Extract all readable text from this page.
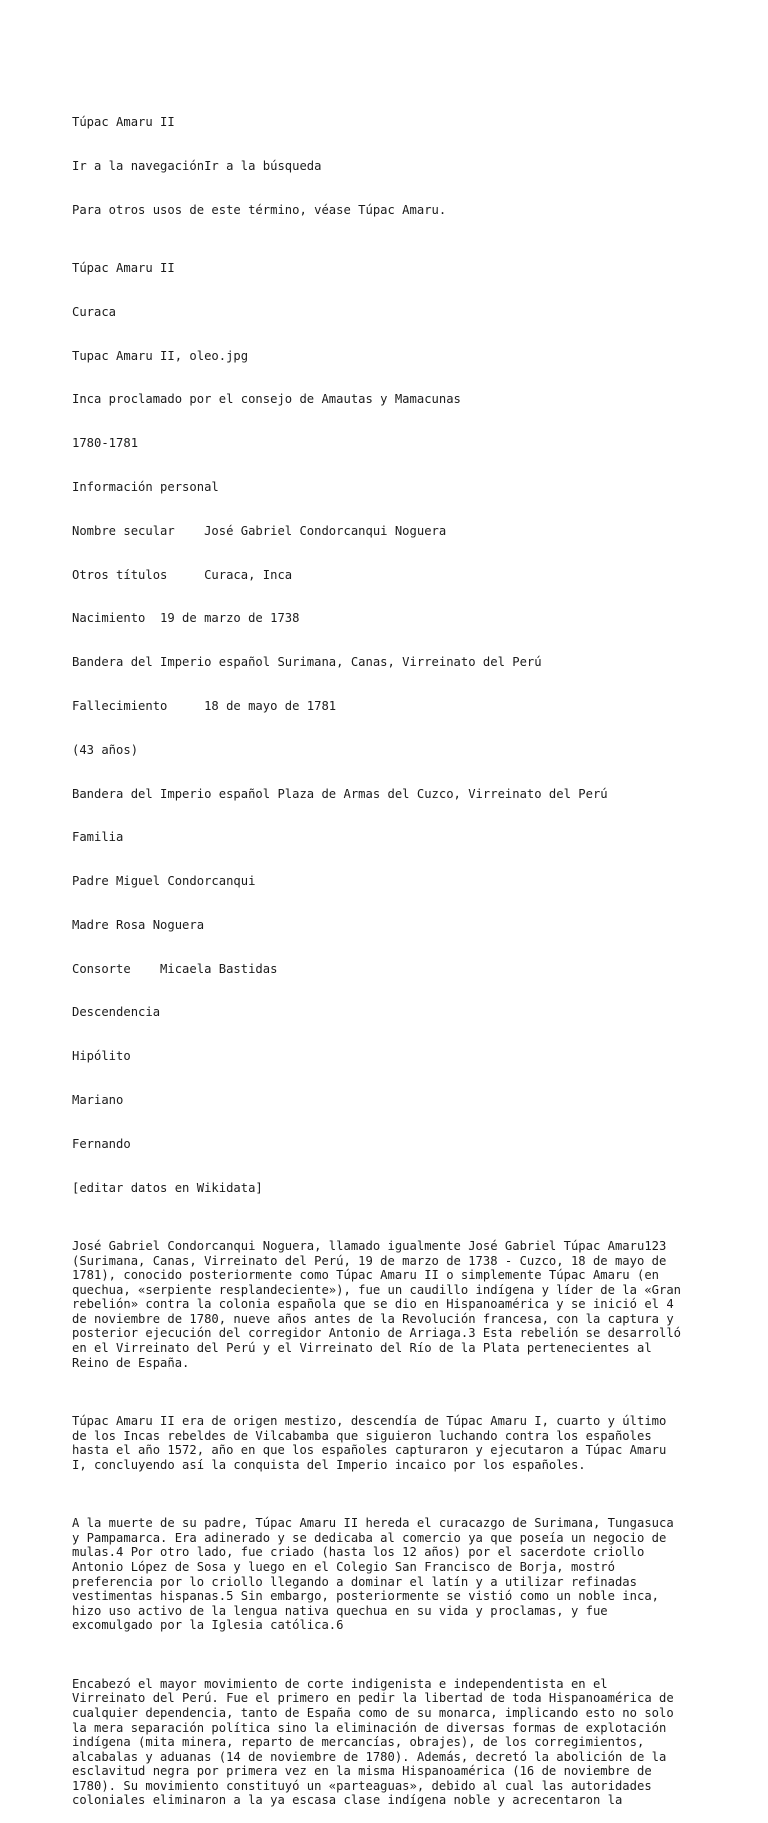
Túpac Amaru II

Ir a la navegaciónIr a la búsqueda

Para otros usos de este término, véase Túpac Amaru.

Túpac Amaru II

Curaca

Tupac Amaru II, oleo.jpg

Inca proclamado por el consejo de Amautas y Mamacunas

1780-1781

Información personal

Nombre secular    José Gabriel Condorcanqui Noguera

Otros títulos     Curaca, Inca

Nacimiento  19 de marzo de 1738

Bandera del Imperio español Surimana, Canas, Virreinato del Perú

Fallecimiento     18 de mayo de 1781

(43 años)

Bandera del Imperio español Plaza de Armas del Cuzco, Virreinato del Perú

Familia

Padre Miguel Condorcanqui

Madre Rosa Noguera

Consorte    Micaela Bastidas

Descendencia

Hipólito

Mariano

Fernando

[editar datos en Wikidata]

José Gabriel Condorcanqui Noguera, llamado igualmente José Gabriel Túpac Amaru123
(Surimana, Canas, Virreinato del Perú, 19 de marzo de 1738 - Cuzco, 18 de mayo de
1781), conocido posteriormente como Túpac Amaru II o simplemente Túpac Amaru (en
quechua, «serpiente resplandeciente»), fue un caudillo indígena y líder de la «Gran
rebelión» contra la colonia española que se dio en Hispanoamérica y se inició el 4
de noviembre de 1780, nueve años antes de la Revolución francesa, con la captura y
posterior ejecución del corregidor Antonio de Arriaga.3 Esta rebelión se desarrolló
en el Virreinato del Perú y el Virreinato del Río de la Plata pertenecientes al
Reino de España.

Túpac Amaru II era de origen mestizo, descendía de Túpac Amaru I, cuarto y último
de los Incas rebeldes de Vilcabamba que siguieron luchando contra los españoles
hasta el año 1572, año en que los españoles capturaron y ejecutaron a Túpac Amaru
I, concluyendo así la conquista del Imperio incaico por los españoles.

A la muerte de su padre, Túpac Amaru II hereda el curacazgo de Surimana, Tungasuca
y Pampamarca. Era adinerado y se dedicaba al comercio ya que poseía un negocio de
mulas.4 Por otro lado, fue criado (hasta los 12 años) por el sacerdote criollo
Antonio López de Sosa y luego en el Colegio San Francisco de Borja, mostró
preferencia por lo criollo llegando a dominar el latín y a utilizar refinadas
vestimentas hispanas.5 Sin embargo, posteriormente se vistió como un noble inca,
hizo uso activo de la lengua nativa quechua en su vida y proclamas, y fue
excomulgado por la Iglesia católica.6

Encabezó el mayor movimiento de corte indigenista e independentista en el
Virreinato del Perú. Fue el primero en pedir la libertad de toda Hispanoamérica de
cualquier dependencia, tanto de España como de su monarca, implicando esto no solo
la mera separación política sino la eliminación de diversas formas de explotación
indígena (mita minera, reparto de mercancías, obrajes), de los corregimientos,
alcabalas y aduanas (14 de noviembre de 1780). Además, decretó la abolición de la
esclavitud negra por primera vez en la misma Hispanoamérica (16 de noviembre de
1780). Su movimiento constituyó un «parteaguas», debido al cual las autoridades
coloniales eliminaron a la ya escasa clase indígena noble y acrecentaron la
